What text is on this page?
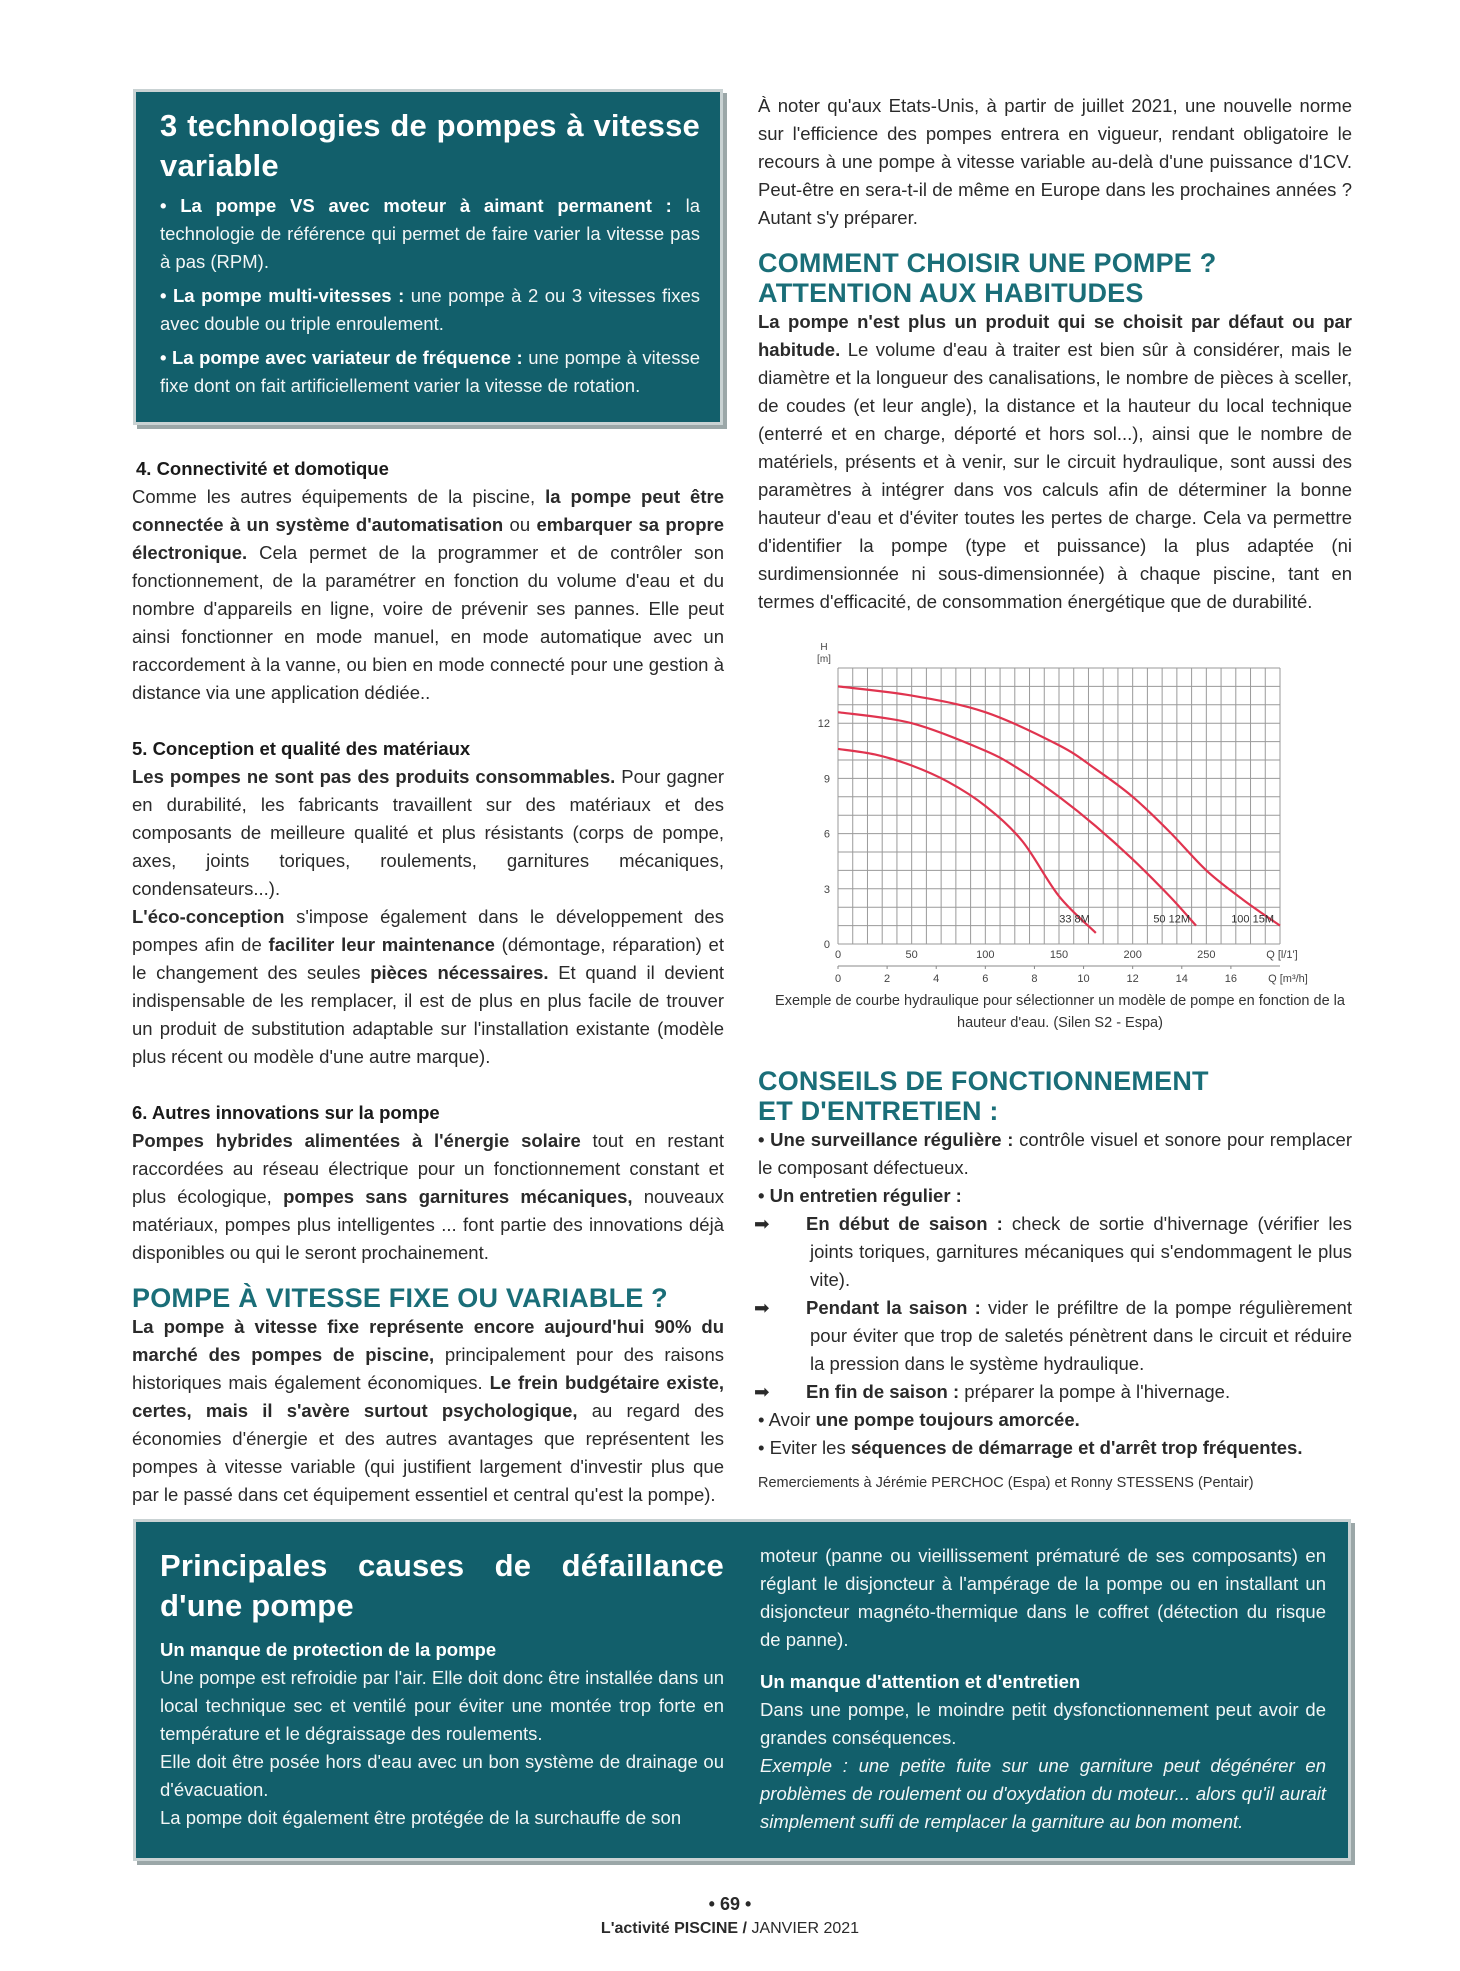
3 technologies de pompes à vitesse variable

• La pompe VS avec moteur à aimant permanent : la technologie de référence qui permet de faire varier la vitesse pas à pas (RPM).

• La pompe multi-vitesses : une pompe à 2 ou 3 vitesses fixes avec double ou triple enroulement.

• La pompe avec variateur de fréquence : une pompe à vitesse fixe dont on fait artificiellement varier la vitesse de rotation.

4. Connectivité et domotique

Comme les autres équipements de la piscine, la pompe peut être connectée à un système d'automatisation ou embarquer sa propre électronique. Cela permet de la programmer et de contrôler son fonctionnement, de la paramétrer en fonction du volume d'eau et du nombre d'appareils en ligne, voire de prévenir ses pannes. Elle peut ainsi fonctionner en mode manuel, en mode automatique avec un raccordement à la vanne, ou bien en mode connecté pour une gestion à distance via une application dédiée..

5. Conception et qualité des matériaux

Les pompes ne sont pas des produits consommables. Pour gagner en durabilité, les fabricants travaillent sur des matériaux et des composants de meilleure qualité et plus résistants (corps de pompe, axes, joints toriques, roulements, garnitures mécaniques, condensateurs...).
L'éco-conception s'impose également dans le développement des pompes afin de faciliter leur maintenance (démontage, réparation) et le changement des seules pièces nécessaires. Et quand il devient indispensable de les remplacer, il est de plus en plus facile de trouver un produit de substitution adaptable sur l'installation existante (modèle plus récent ou modèle d'une autre marque).

6. Autres innovations sur la pompe

Pompes hybrides alimentées à l'énergie solaire tout en restant raccordées au réseau électrique pour un fonctionnement constant et plus écologique, pompes sans garnitures mécaniques, nouveaux matériaux, pompes plus intelligentes ... font partie des innovations déjà disponibles ou qui le seront prochainement.

POMPE À VITESSE FIXE OU VARIABLE ?

La pompe à vitesse fixe représente encore aujourd'hui 90% du marché des pompes de piscine, principalement pour des raisons historiques mais également économiques. Le frein budgétaire existe, certes, mais il s'avère surtout psychologique, au regard des économies d'énergie et des autres avantages que représentent les pompes à vitesse variable (qui justifient largement d'investir plus que par le passé dans cet équipement essentiel et central qu'est la pompe).

À noter qu'aux Etats-Unis, à partir de juillet 2021, une nouvelle norme sur l'efficience des pompes entrera en vigueur, rendant obligatoire le recours à une pompe à vitesse variable au-delà d'une puissance d'1CV. Peut-être en sera-t-il de même en Europe dans les prochaines années ? Autant s'y préparer.

COMMENT CHOISIR UNE POMPE ?
ATTENTION AUX HABITUDES

La pompe n'est plus un produit qui se choisit par défaut ou par habitude. Le volume d'eau à traiter est bien sûr à considérer, mais le diamètre et la longueur des canalisations, le nombre de pièces à sceller, de coudes (et leur angle), la distance et la hauteur du local technique (enterré et en charge, déporté et hors sol...), ainsi que le nombre de matériels, présents et à venir, sur le circuit hydraulique, sont aussi des paramètres à intégrer dans vos calculs afin de déterminer la bonne hauteur d'eau et d'éviter toutes les pertes de charge. Cela va permettre d'identifier la pompe (type et puissance) la plus adaptée (ni surdimensionnée ni sous-dimensionnée) à chaque piscine, tant en termes d'efficacité, de consommation énergétique que de durabilité.

0
3
6
9
12
H
[m]
0	50	100	150	200	250	Q [l/1']
0	2	4	6	8	10	12	14	16	Q [m³/h]
33 8M	50 12M	100 15M
Exemple de courbe hydraulique pour sélectionner un modèle de pompe en fonction de la hauteur d'eau. (Silen S2 - Espa)
CONSEILS DE FONCTIONNEMENT
ET D'ENTRETIEN :

• Une surveillance régulière : contrôle visuel et sonore pour remplacer le composant défectueux.

• Un entretien régulier :

➡ En début de saison : check de sortie d'hivernage (vérifier les joints toriques, garnitures mécaniques qui s'endommagent le plus vite).

➡ Pendant la saison : vider le préfiltre de la pompe régulièrement pour éviter que trop de saletés pénètrent dans le circuit et réduire la pression dans le système hydraulique.

➡ En fin de saison : préparer la pompe à l'hivernage.

• Avoir une pompe toujours amorcée.

• Eviter les séquences de démarrage et d'arrêt trop fréquentes.

Remerciements à Jérémie PERCHOC (Espa) et Ronny STESSENS (Pentair)
Principales causes de défaillance d'une pompe

Un manque de protection de la pompe

Une pompe est refroidie par l'air. Elle doit donc être installée dans un local technique sec et ventilé pour éviter une montée trop forte en température et le dégraissage des roulements.

Elle doit être posée hors d'eau avec un bon système de drainage ou d'évacuation.

La pompe doit également être protégée de la surchauffe de son

moteur (panne ou vieillissement prématuré de ses composants) en réglant le disjoncteur à l'ampérage de la pompe ou en installant un disjoncteur magnéto-thermique dans le coffret (détection du risque de panne).

Un manque d'attention et d'entretien

Dans une pompe, le moindre petit dysfonctionnement peut avoir de grandes conséquences.

Exemple : une petite fuite sur une garniture peut dégénérer en problèmes de roulement ou d'oxydation du moteur... alors qu'il aurait simplement suffi de remplacer la garniture au bon moment.

• 69 •
L'activité PISCINE / JANVIER 2021
